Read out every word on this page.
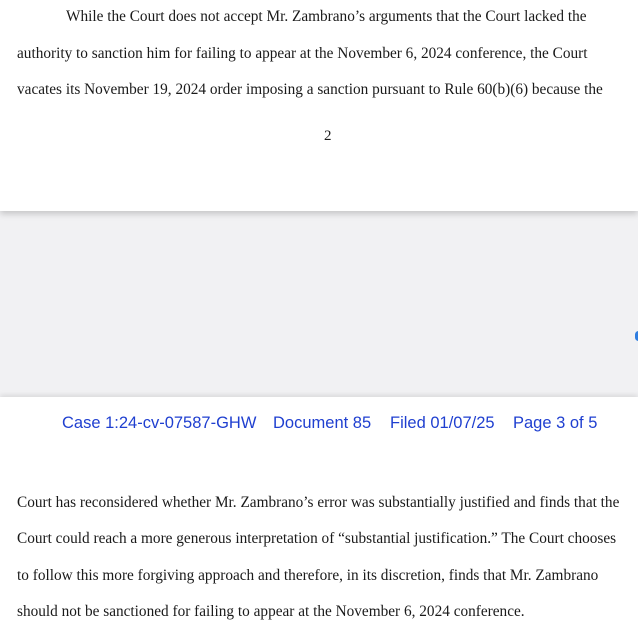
While the Court does not accept Mr. Zambrano’s arguments that the Court lacked the
authority to sanction him for failing to appear at the November 6, 2024 conference, the Court
vacates its November 19, 2024 order imposing a sanction pursuant to Rule 60(b)(6) because the
2
Case 1:24-cv-07587-GHW Document 85 Filed 01/07/25 Page 3 of 5
Court has reconsidered whether Mr. Zambrano’s error was substantially justified and finds that the
Court could reach a more generous interpretation of “substantial justification.” The Court chooses
to follow this more forgiving approach and therefore, in its discretion, finds that Mr. Zambrano
should not be sanctioned for failing to appear at the November 6, 2024 conference.
